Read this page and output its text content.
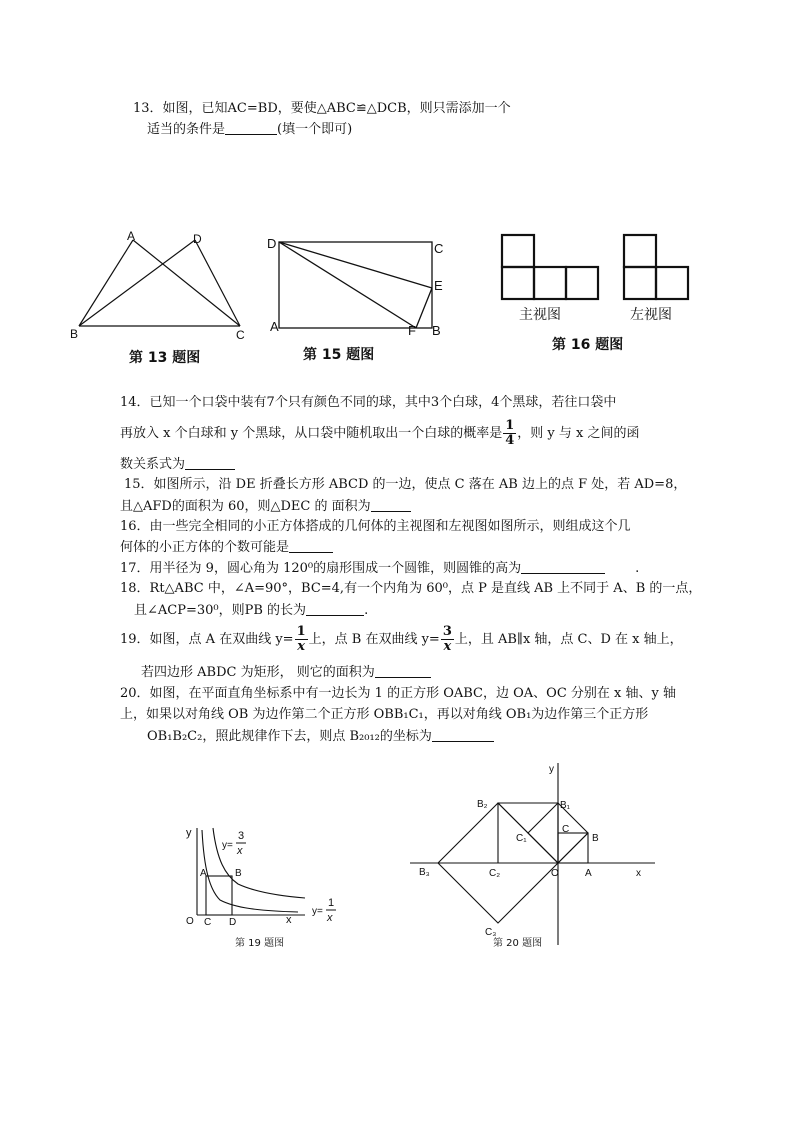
13．如图，已知AC=BD，要使△ABC≌△DCB，则只需添加一个
适当的条件是	(填一个即可)
A	D
B	C
第 13 题图
D	C
E
A	F B
第 15 题图
主视图	左视图
第 16 题图
14．已知一个口袋中装有7个只有颜色不同的球，其中3个白球，4个黑球，若往口袋中
再放入 x 个白球和 y 个黑球，从口袋中随机取出一个白球的概率是 $\frac{1}{4}$ ，则 y 与 x 之间的函
数关系式为
15．如图所示，沿 DE 折叠长方形 ABCD 的一边，使点 C 落在 AB 边上的点 F 处，若 AD=8，
且△AFD的面积为 60，则△DEC 的 面积为
16．由一些完全相同的小正方体搭成的几何体的主视图和左视图如图所示，则组成这个几
何体的小正方体的个数可能是
17．用半径为 9，圆心角为 120⁰的扇形围成一个圆锥，则圆锥的高为	.
18．Rt△ABC 中，∠A=90°，BC=4,有一个内角为 60⁰，点 P 是直线 AB 上不同于 A、B 的一点，
且∠ACP=30⁰，则PB 的长为	.
19．如图，点 A 在双曲线 $y= \frac{1}{x}$ 上，点 B 在双曲线 $y= \frac{3}{x}$ 上，且 AB∥x 轴，点 C、D 在 x 轴上，
若四边形 ABDC 为矩形， 则它的面积为
20．如图，在平面直角坐标系中有一边长为 1 的正方形 OABC，边 OA、OC 分别在 x 轴、y 轴
上，如果以对角线 OB 为边作第二个正方形 OBB₁C₁，再以对角线 OB₁为边作第三个正方形
OB₁B₂C₂，照此规律作下去，则点 B₂₀₁₂的坐标为
y
x
O C D
A	B
y=
3
x
y=
1
x
第 19 题图
y
x
O	A
B
C
B₁
B₂
B₃
C₁
C₂
C₃
第 20 题图
